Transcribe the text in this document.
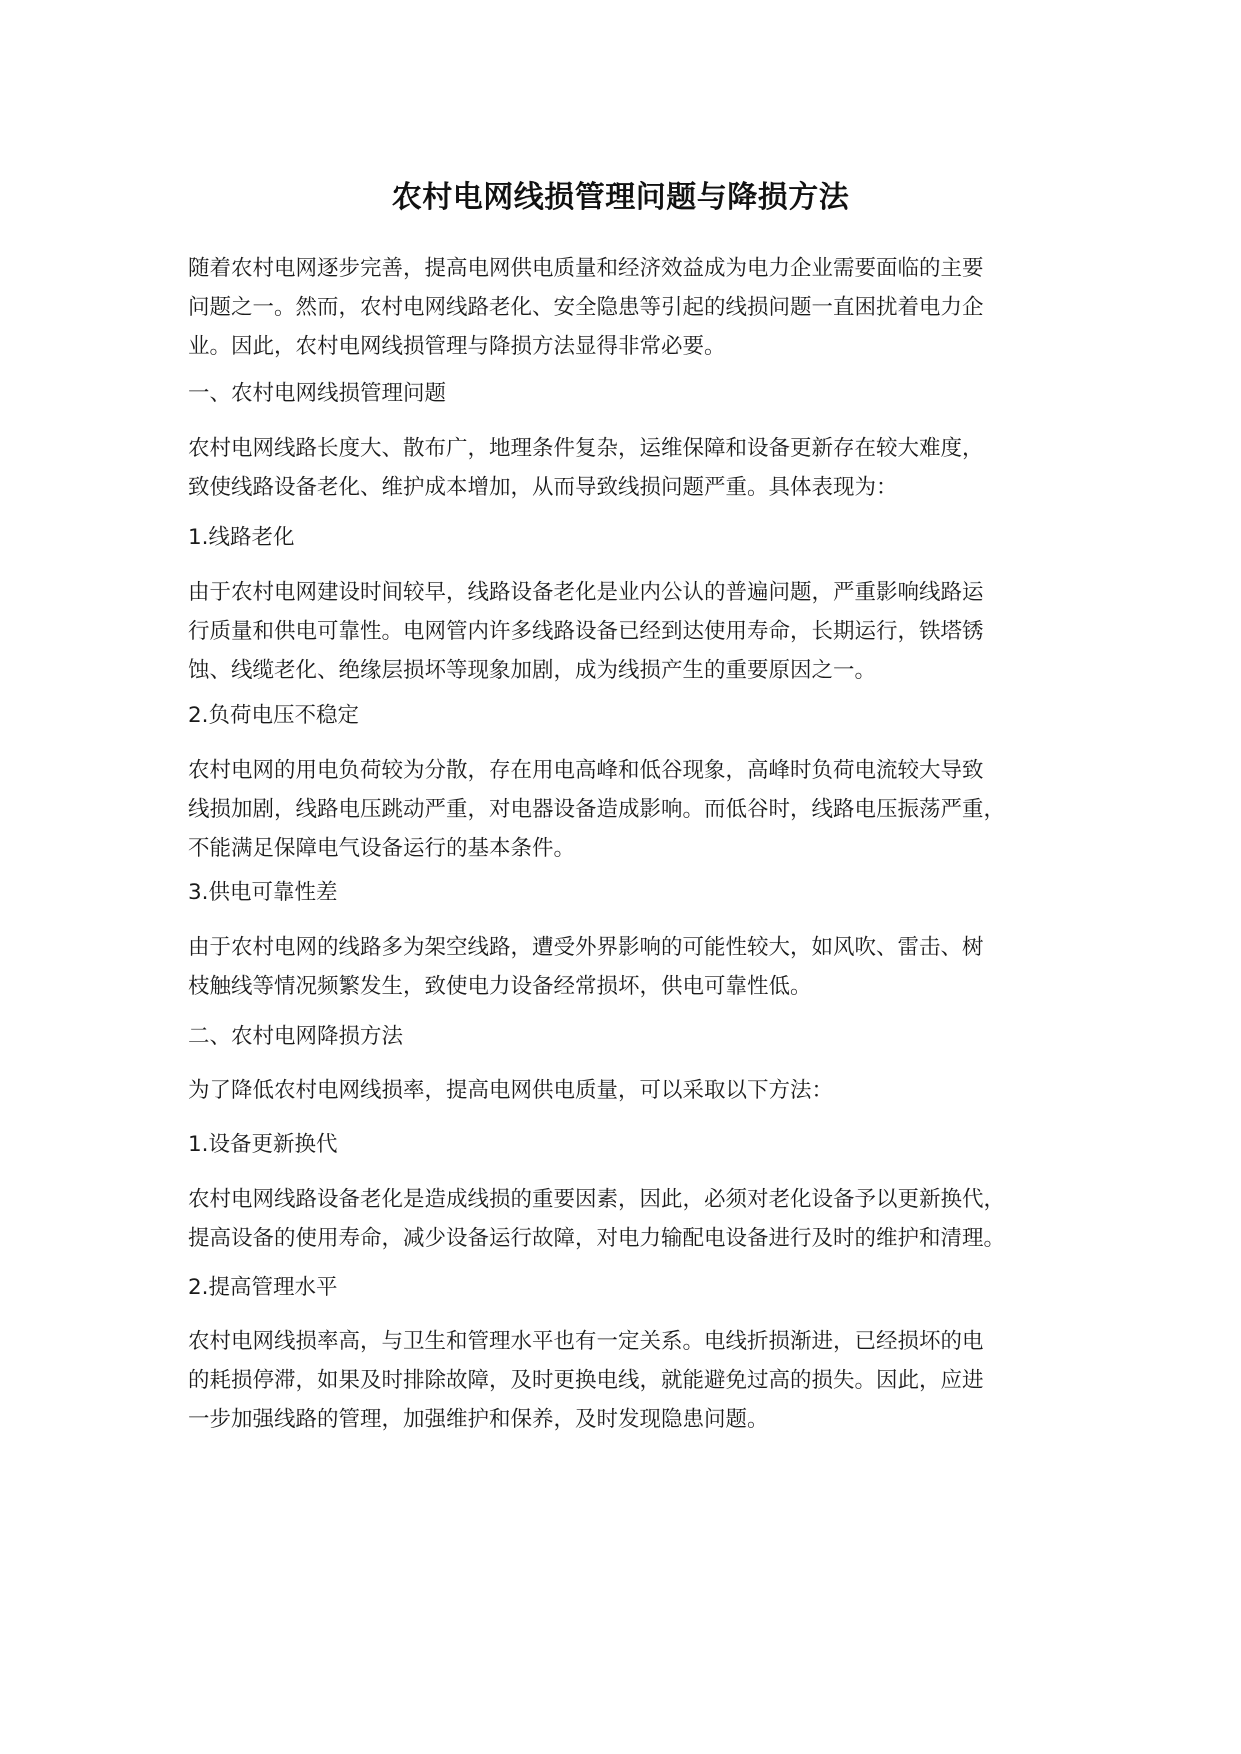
农村电网线损管理问题与降损方法
随着农村电网逐步完善，提高电网供电质量和经济效益成为电力企业需要面临的主要
问题之一。然而，农村电网线路老化、安全隐患等引起的线损问题一直困扰着电力企
业。因此，农村电网线损管理与降损方法显得非常必要。
一、农村电网线损管理问题
农村电网线路长度大、散布广，地理条件复杂，运维保障和设备更新存在较大难度，
致使线路设备老化、维护成本增加，从而导致线损问题严重。具体表现为：
1.线路老化
由于农村电网建设时间较早，线路设备老化是业内公认的普遍问题，严重影响线路运
行质量和供电可靠性。电网管内许多线路设备已经到达使用寿命，长期运行，铁塔锈
蚀、线缆老化、绝缘层损坏等现象加剧，成为线损产生的重要原因之一。
2.负荷电压不稳定
农村电网的用电负荷较为分散，存在用电高峰和低谷现象，高峰时负荷电流较大导致
线损加剧，线路电压跳动严重，对电器设备造成影响。而低谷时，线路电压振荡严重，
不能满足保障电气设备运行的基本条件。
3.供电可靠性差
由于农村电网的线路多为架空线路，遭受外界影响的可能性较大，如风吹、雷击、树
枝触线等情况频繁发生，致使电力设备经常损坏，供电可靠性低。
二、农村电网降损方法
为了降低农村电网线损率，提高电网供电质量，可以采取以下方法：
1.设备更新换代
农村电网线路设备老化是造成线损的重要因素，因此，必须对老化设备予以更新换代，
提高设备的使用寿命，减少设备运行故障，对电力输配电设备进行及时的维护和清理。
2.提高管理水平
农村电网线损率高，与卫生和管理水平也有一定关系。电线折损渐进，已经损坏的电
的耗损停滞，如果及时排除故障，及时更换电线，就能避免过高的损失。因此，应进
一步加强线路的管理，加强维护和保养，及时发现隐患问题。
